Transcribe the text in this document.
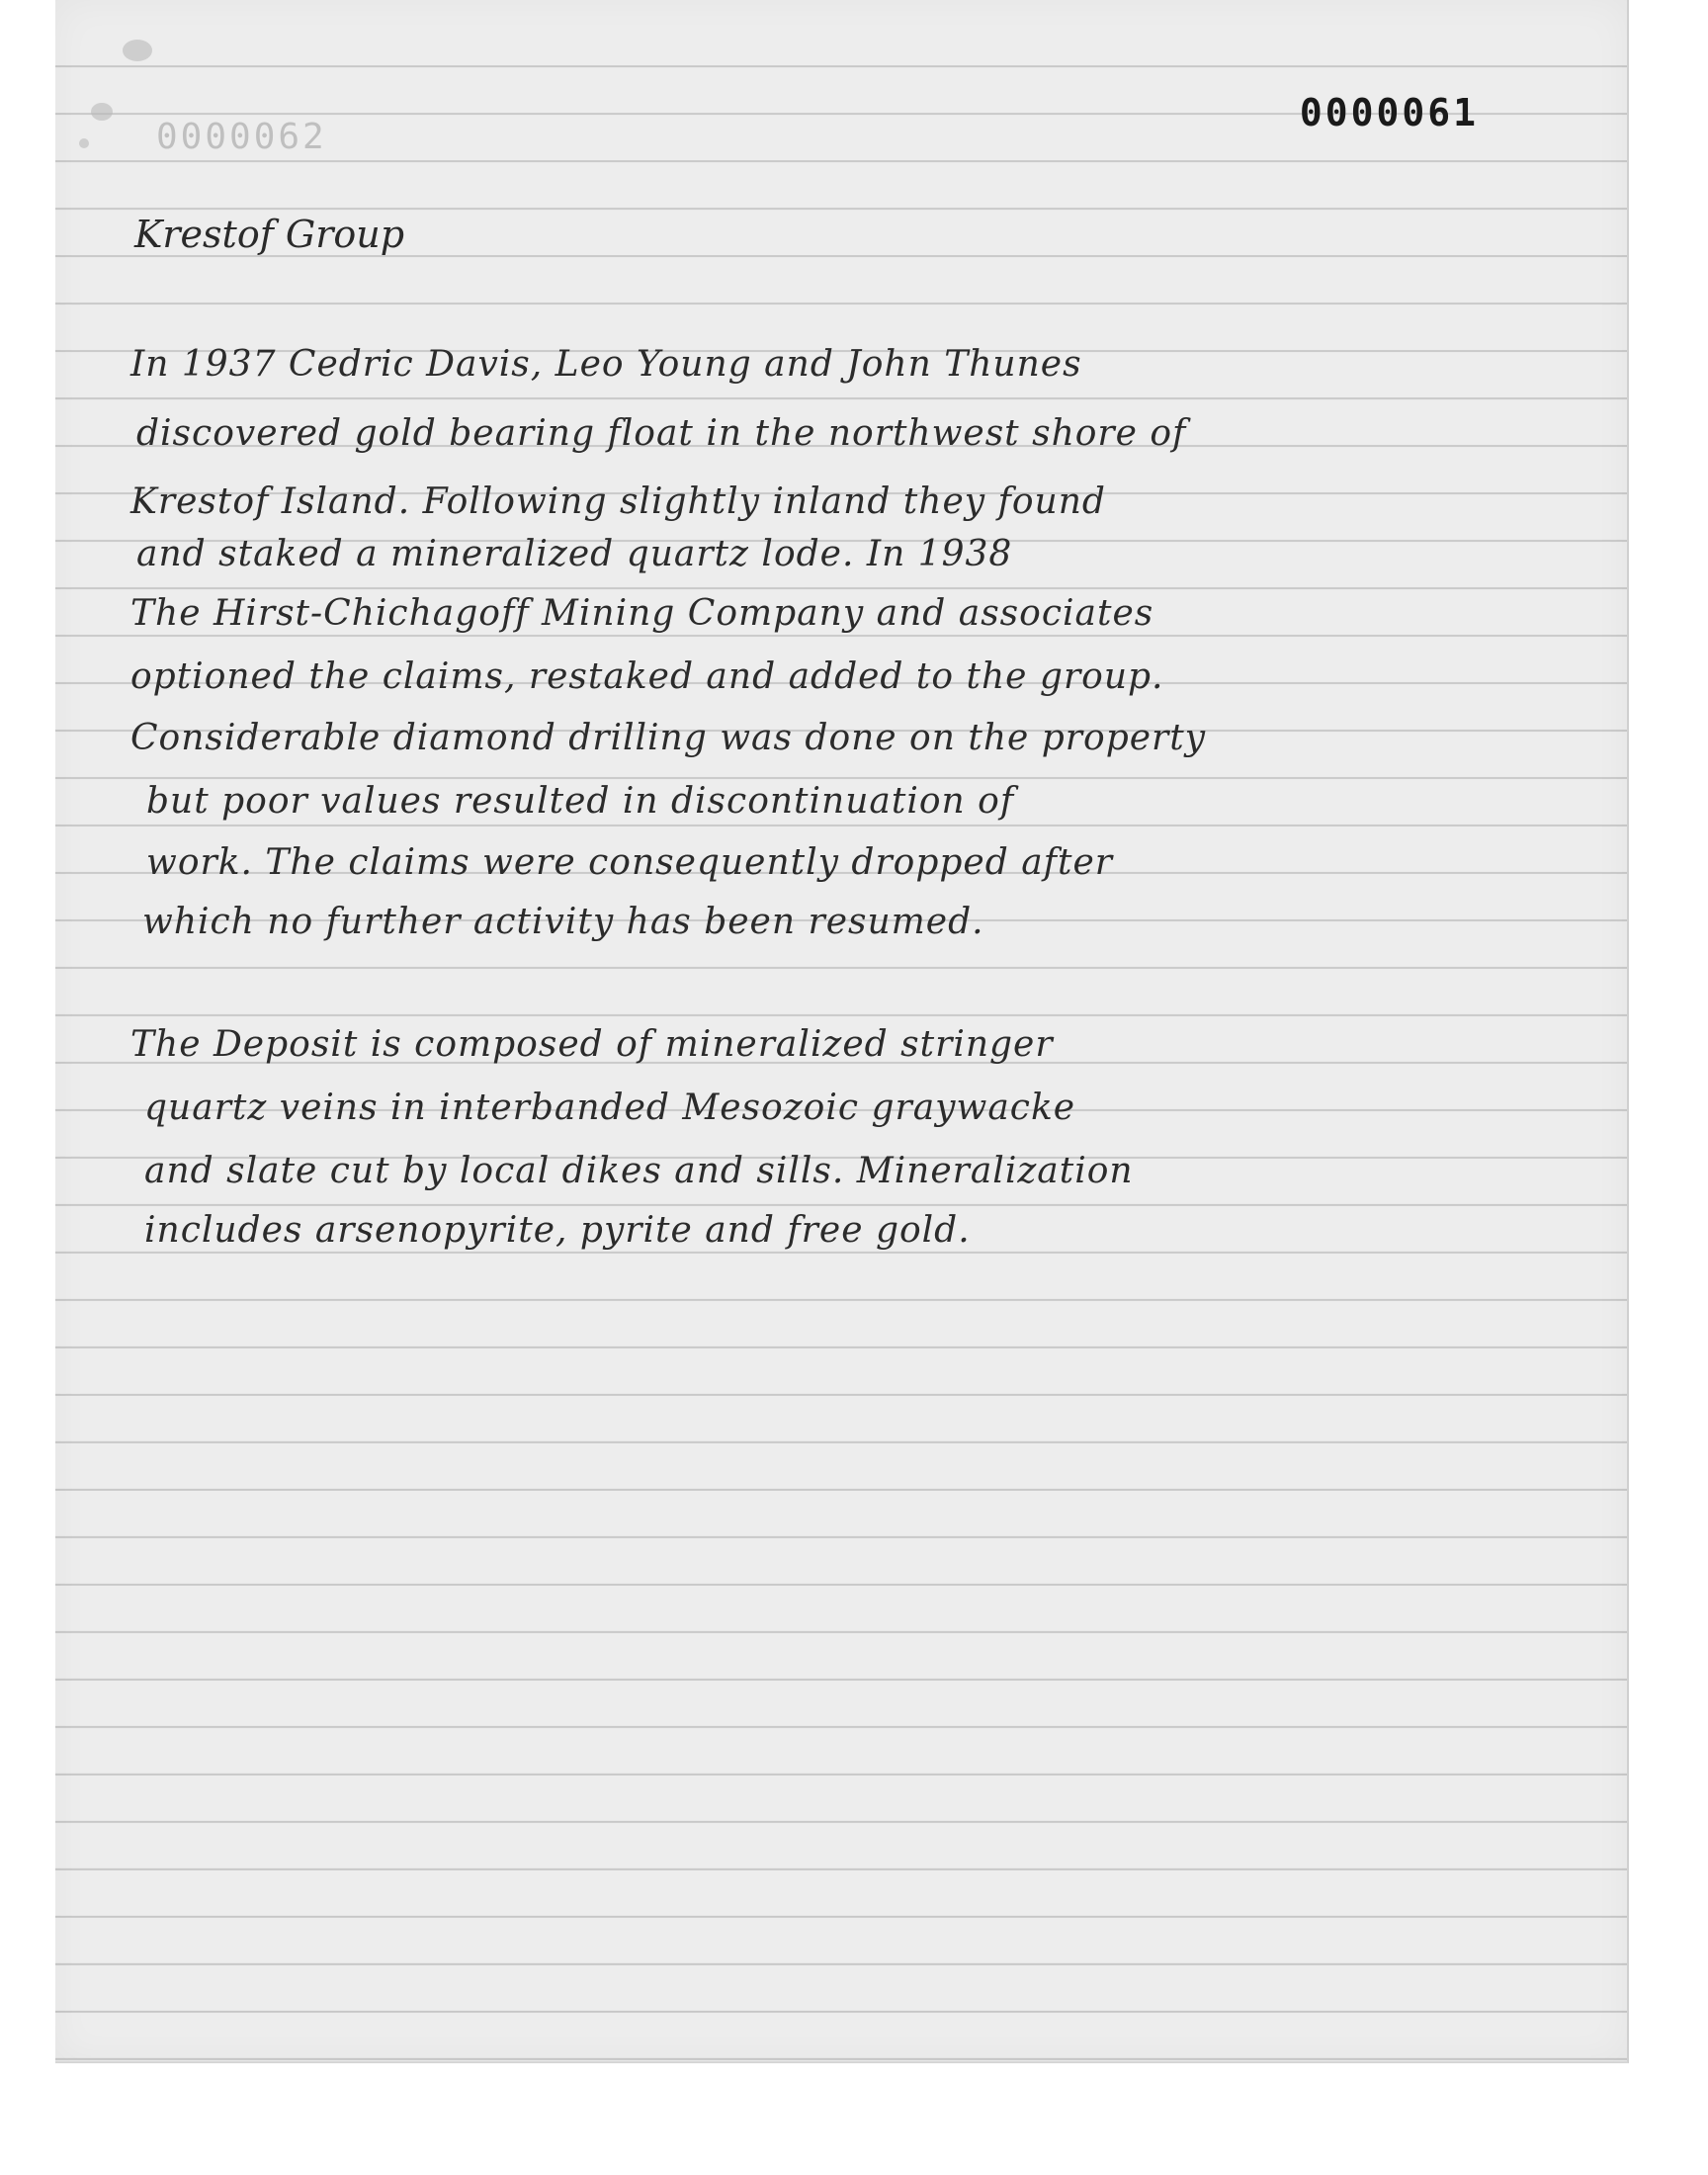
0000062
0000061
Krestof Group
In 1937 Cedric Davis, Leo Young and John Thunes
discovered gold bearing float in the northwest shore of
Krestof Island. Following slightly inland they found
and staked a mineralized quartz lode. In 1938
The Hirst-Chichagoff Mining Company and associates
optioned the claims, restaked and added to the group.
Considerable diamond drilling was done on the property
but poor values resulted in discontinuation of
work. The claims were consequently dropped after
which no further activity has been resumed.
The Deposit is composed of mineralized stringer
quartz veins in interbanded Mesozoic graywacke
and slate cut by local dikes and sills. Mineralization
includes arsenopyrite, pyrite and free gold.
